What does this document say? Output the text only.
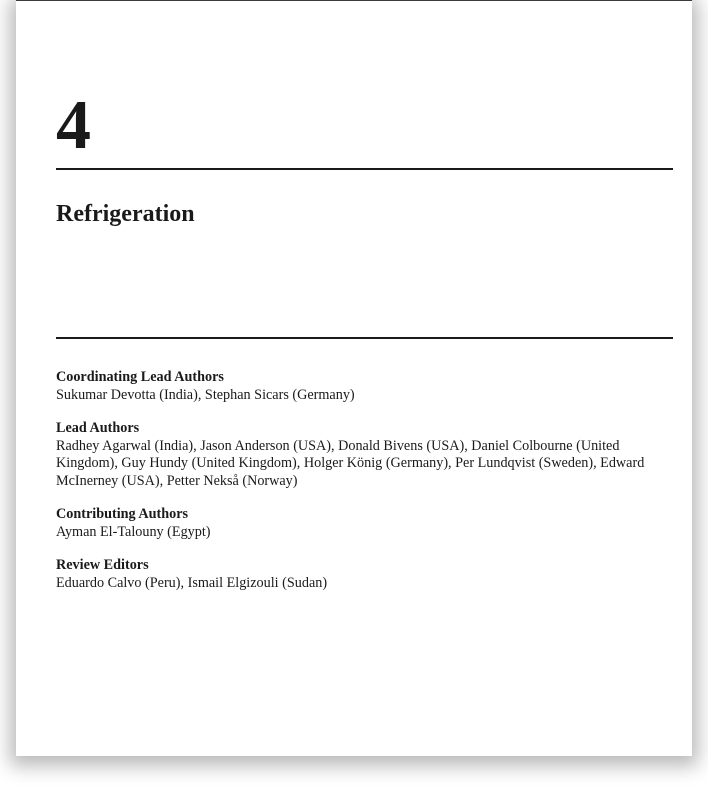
4
Refrigeration
Coordinating Lead Authors
Sukumar Devotta (India), Stephan Sicars (Germany)
Lead Authors
Radhey Agarwal (India), Jason Anderson (USA), Donald Bivens (USA), Daniel Colbourne (United Kingdom), Guy Hundy (United Kingdom), Holger König (Germany), Per Lundqvist (Sweden), Edward McInerney (USA), Petter Nekså (Norway)
Contributing Authors
Ayman El-Talouny (Egypt)
Review Editors
Eduardo Calvo (Peru), Ismail Elgizouli (Sudan)
